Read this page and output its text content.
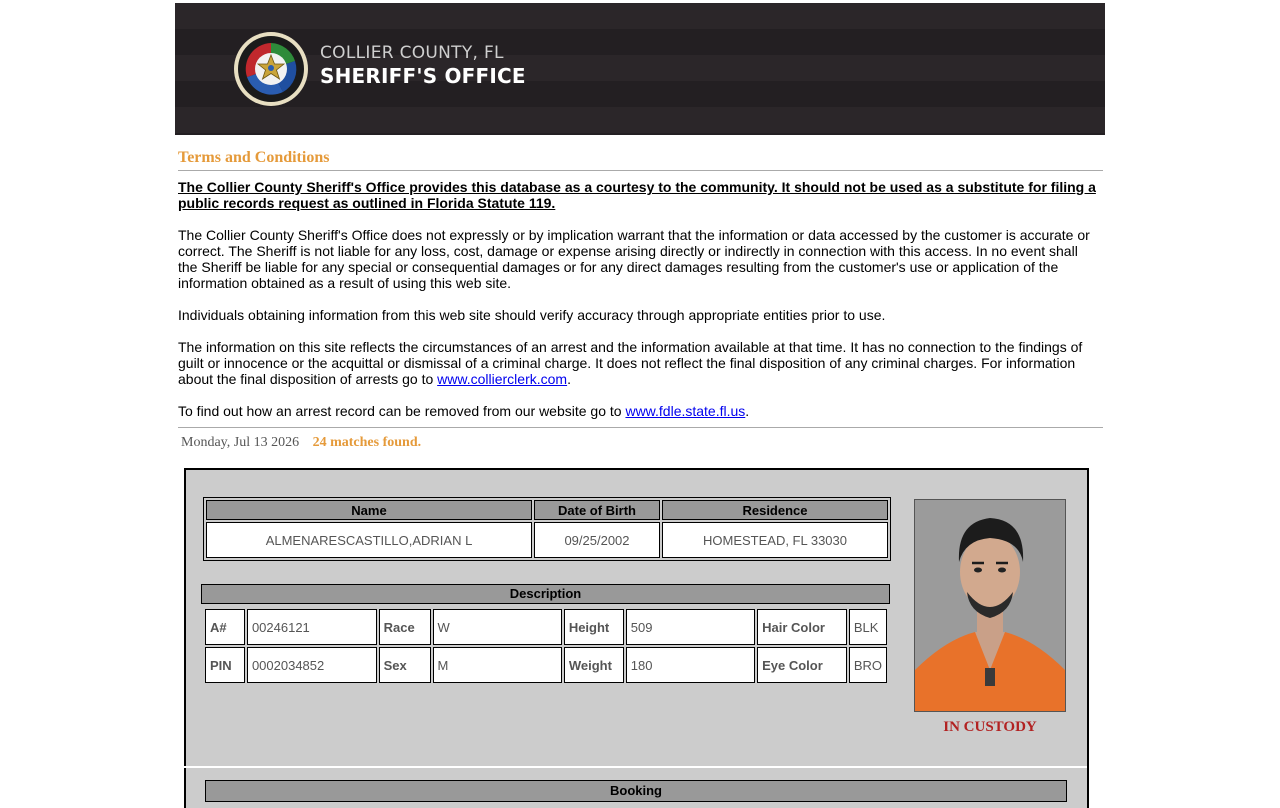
COLLIER COUNTY, FL
SHERIFF'S OFFICE
Terms and Conditions
The Collier County Sheriff's Office provides this database as a courtesy to the community. It should not be used as a substitute for filing a public records request as outlined in Florida Statute 119.
The Collier County Sheriff's Office does not expressly or by implication warrant that the information or data accessed by the customer is accurate or correct. The Sheriff is not liable for any loss, cost, damage or expense arising directly or indirectly in connection with this access. In no event shall the Sheriff be liable for any special or consequential damages or for any direct damages resulting from the customer's use or application of the information obtained as a result of using this web site.
Individuals obtaining information from this web site should verify accuracy through appropriate entities prior to use.
The information on this site reflects the circumstances of an arrest and the information available at that time. It has no connection to the findings of guilt or innocence or the acquittal or dismissal of a criminal charge. It does not reflect the final disposition of any criminal charges. For information about the final disposition of arrests go to www.collierclerk.com.
To find out how an arrest record can be removed from our website go to www.fdle.state.fl.us.
Monday, Jul 13 2026 24 matches found.
Name	Date of Birth	Residence
ALMENARESCASTILLO,ADRIAN L	09/25/2002	HOMESTEAD, FL 33030
Description
A#	00246121	Race	W	Height	509	Hair Color	BLK
PIN	0002034852	Sex	M	Weight	180	Eye Color	BRO
IN CUSTODY
Booking
